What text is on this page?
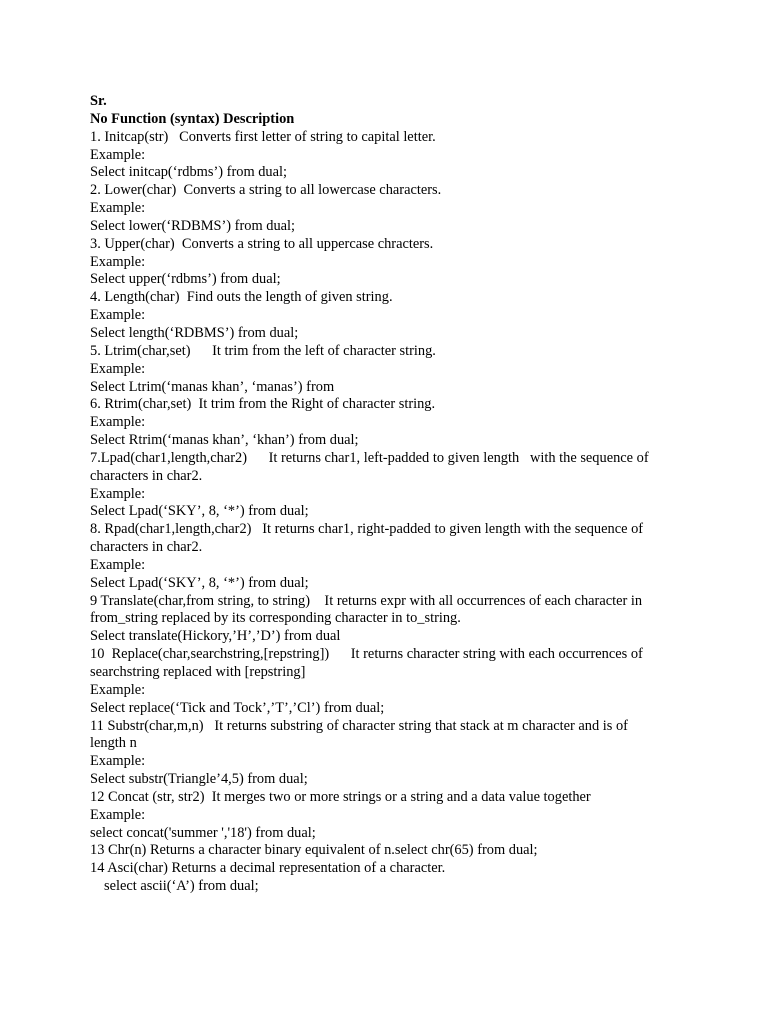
Sr.
No Function (syntax) Description
1. Initcap(str)   Converts first letter of string to capital letter.
Example:
Select initcap(‘rdbms’) from dual;
2. Lower(char)  Converts a string to all lowercase characters.
Example:
Select lower(‘RDBMS’) from dual;
3. Upper(char)  Converts a string to all uppercase chracters.
Example:
Select upper(‘rdbms’) from dual;
4. Length(char)  Find outs the length of given string.
Example:
Select length(‘RDBMS’) from dual;
5. Ltrim(char,set)      It trim from the left of character string.
Example:
Select Ltrim(‘manas khan’, ‘manas’) from
6. Rtrim(char,set)  It trim from the Right of character string.
Example:
Select Rtrim(‘manas khan’, ‘khan’) from dual;
7.Lpad(char1,length,char2)      It returns char1, left-padded to given length   with the sequence of
characters in char2.
Example:
Select Lpad(‘SKY’, 8, ‘*’) from dual;
8. Rpad(char1,length,char2)   It returns char1, right-padded to given length with the sequence of
characters in char2.
Example:
Select Lpad(‘SKY’, 8, ‘*’) from dual;
9 Translate(char,from string, to string)    It returns expr with all occurrences of each character in
from_string replaced by its corresponding character in to_string.
Select translate(Hickory,’H’,’D’) from dual
10  Replace(char,searchstring,[repstring])      It returns character string with each occurrences of
searchstring replaced with [repstring]
Example:
Select replace(‘Tick and Tock’,’T’,’Cl’) from dual;
11 Substr(char,m,n)   It returns substring of character string that stack at m character and is of
length n
Example:
Select substr(Triangle’4,5) from dual;
12 Concat (str, str2)  It merges two or more strings or a string and a data value together
Example:
select concat('summer ','18') from dual;
13 Chr(n) Returns a character binary equivalent of n.select chr(65) from dual;
14 Asci(char) Returns a decimal representation of a character.
select ascii(‘A’) from dual;
